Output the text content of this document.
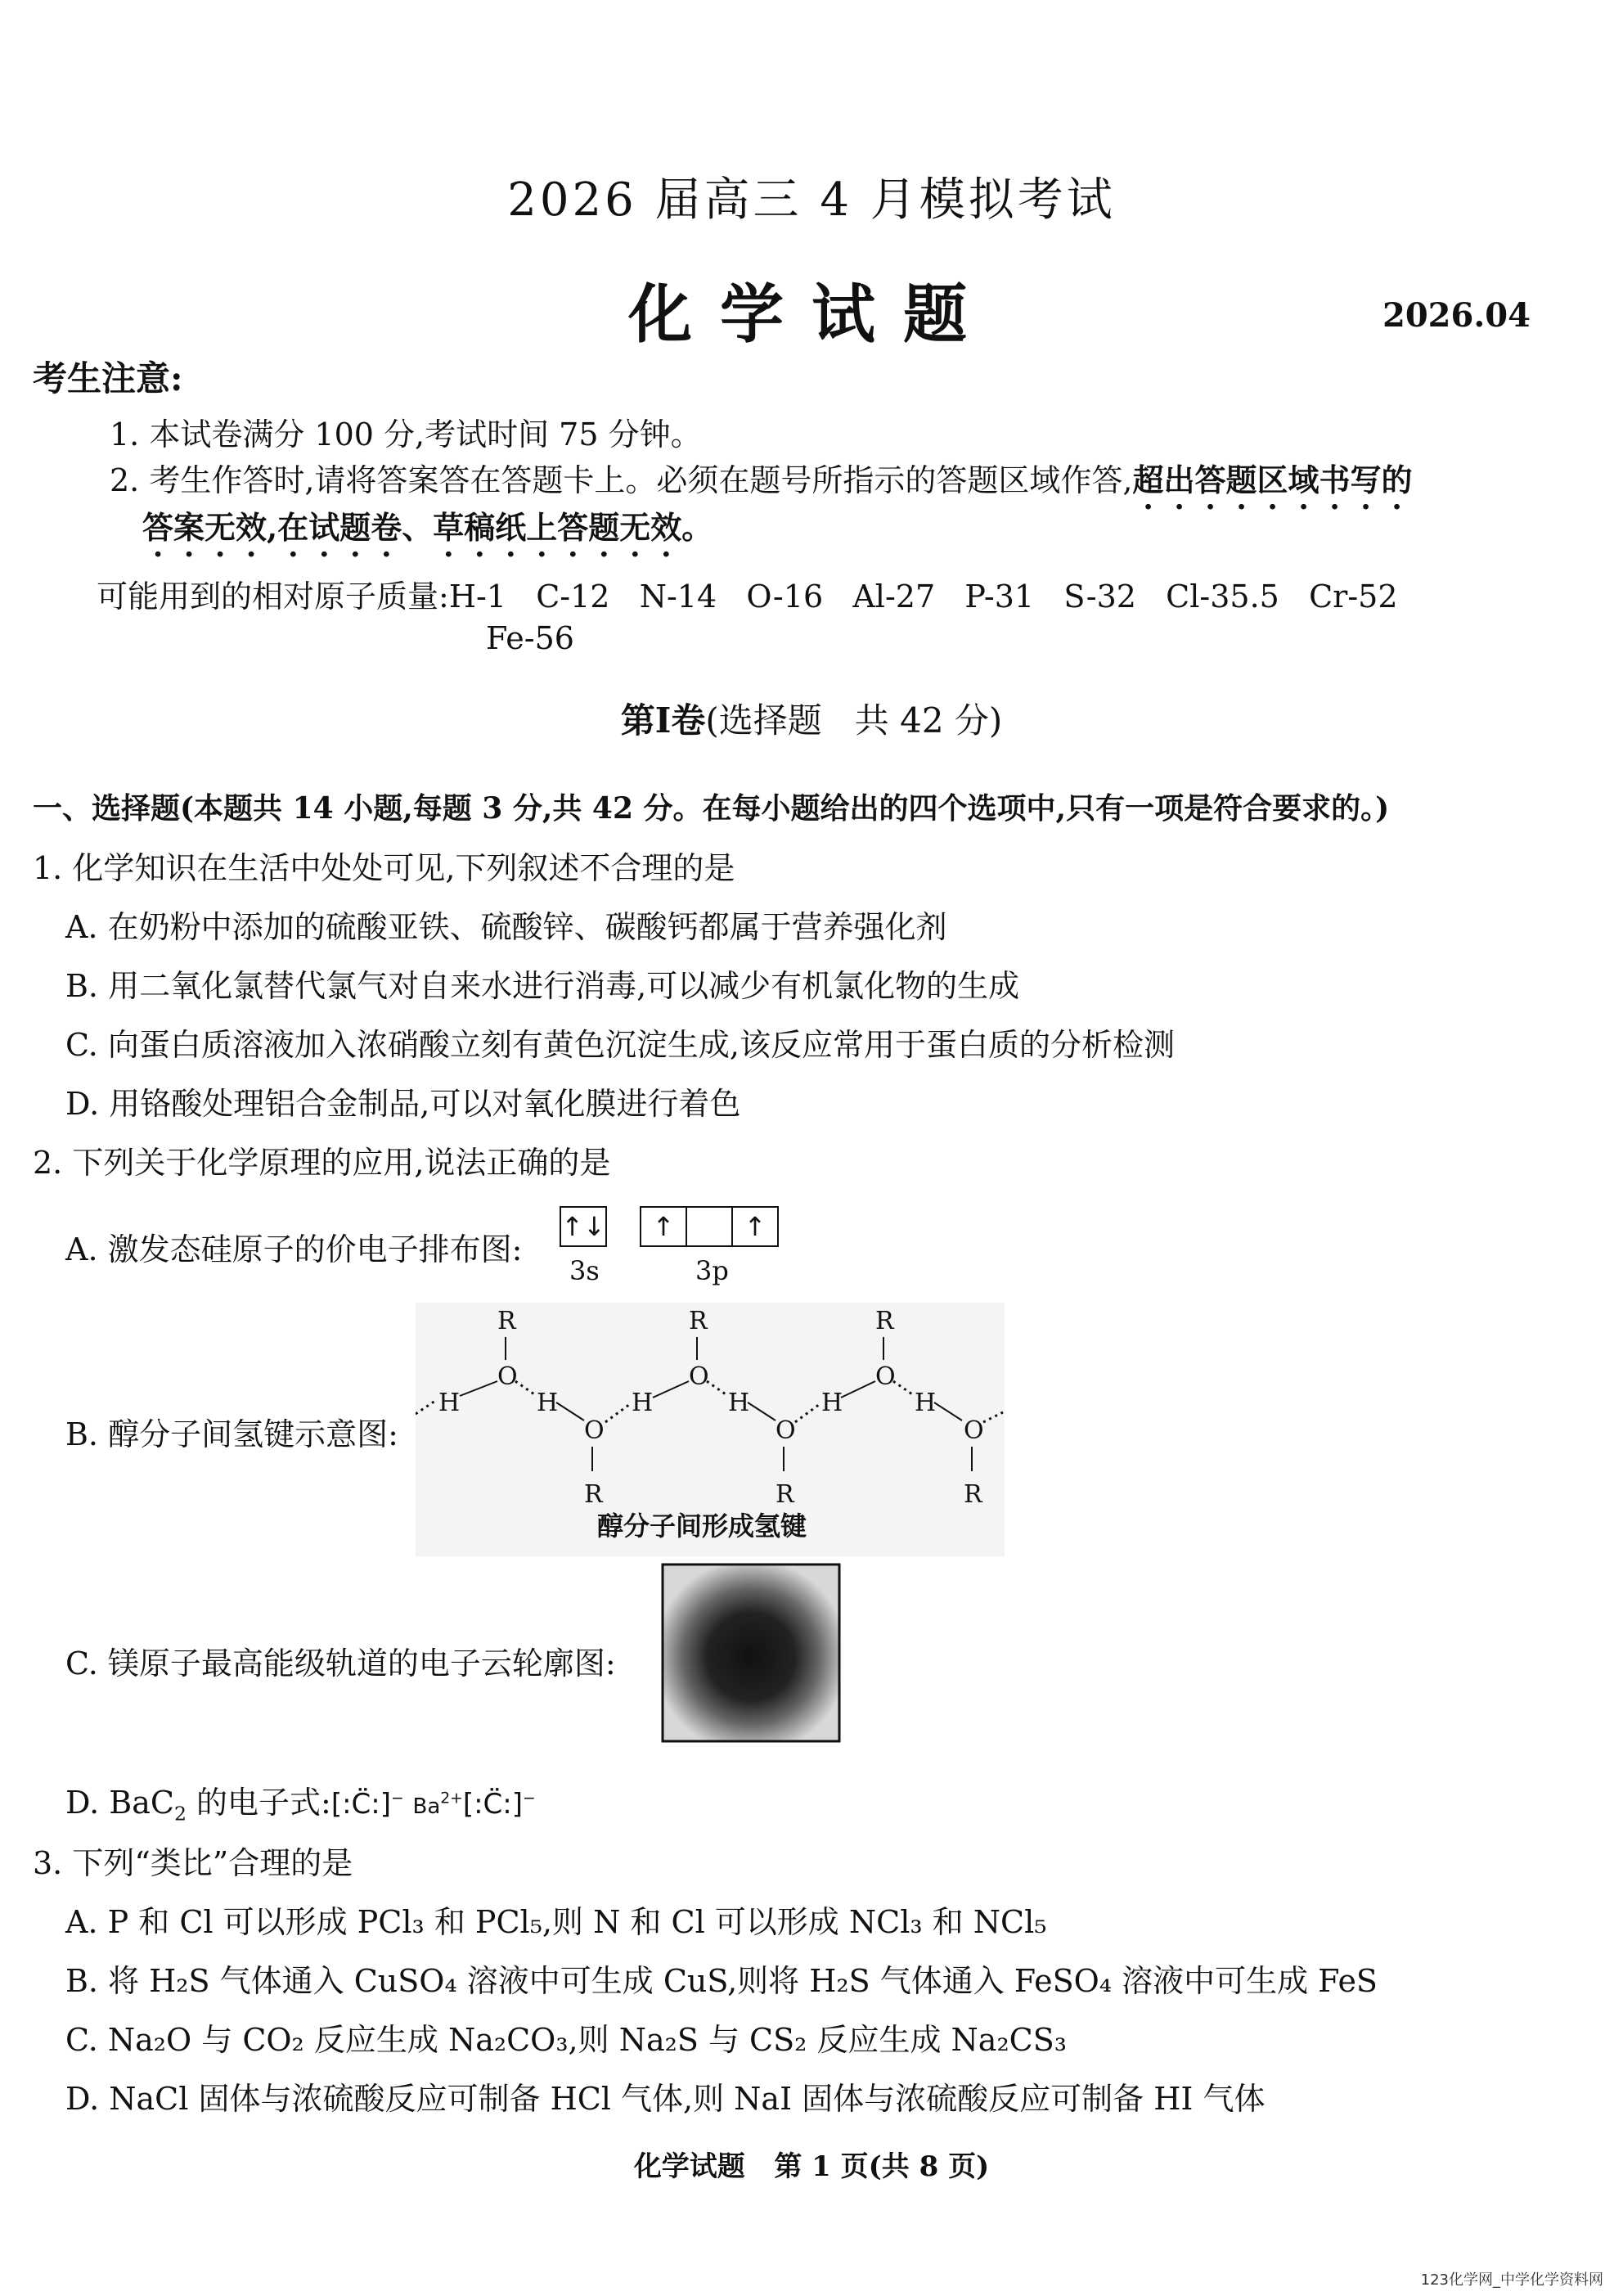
2026 届高三 4 月模拟考试
化学试题	2026.04
考生注意:
1. 本试卷满分 100 分,考试时间 75 分钟。
2. 考生作答时,请将答案答在答题卡上。必须在题号所指示的答题区域作答,超出答题区域书写的
答案无效,在试题卷、草稿纸上答题无效。
可能用到的相对原子质量:H-1   C-12   N-14   O-16   Al-27   P-31   S-32   Cl-35.5   Cr-52
Fe-56
第Ⅰ卷(选择题   共 42 分)
一、选择题(本题共 14 小题,每题 3 分,共 42 分。在每小题给出的四个选项中,只有一项是符合要求的。)
1. 化学知识在生活中处处可见,下列叙述不合理的是
A. 在奶粉中添加的硫酸亚铁、硫酸锌、碳酸钙都属于营养强化剂
B. 用二氧化氯替代氯气对自来水进行消毒,可以减少有机氯化物的生成
C. 向蛋白质溶液加入浓硝酸立刻有黄色沉淀生成,该反应常用于蛋白质的分析检测
D. 用铬酸处理铝合金制品,可以对氧化膜进行着色
2. 下列关于化学原理的应用,说法正确的是
A. 激发态硅原子的价电子排布图:
↑↓	↑	↑
3s	3p
B. 醇分子间氢键示意图:
R
O
R
O
R
O
H	H	H	H	H	H
O
R
O
R
O
R
醇分子间形成氢键
C. 镁原子最高能级轨道的电子云轮廓图:
D. BaC$_2$ 的电子式:[:C̈:]− $Ba^{2+}[:C̈:]^-$
3. 下列“类比”合理的是
A. P 和 Cl 可以形成 PCl₃ 和 PCl₅,则 N 和 Cl 可以形成 NCl₃ 和 NCl₅
B. 将 H₂S 气体通入 CuSO₄ 溶液中可生成 CuS,则将 H₂S 气体通入 FeSO₄ 溶液中可生成 FeS
C. Na₂O 与 CO₂ 反应生成 Na₂CO₃,则 Na₂S 与 CS₂ 反应生成 Na₂CS₃
D. NaCl 固体与浓硫酸反应可制备 HCl 气体,则 NaI 固体与浓硫酸反应可制备 HI 气体
化学试题   第 1 页(共 8 页)
123化学网_中学化学资料网
